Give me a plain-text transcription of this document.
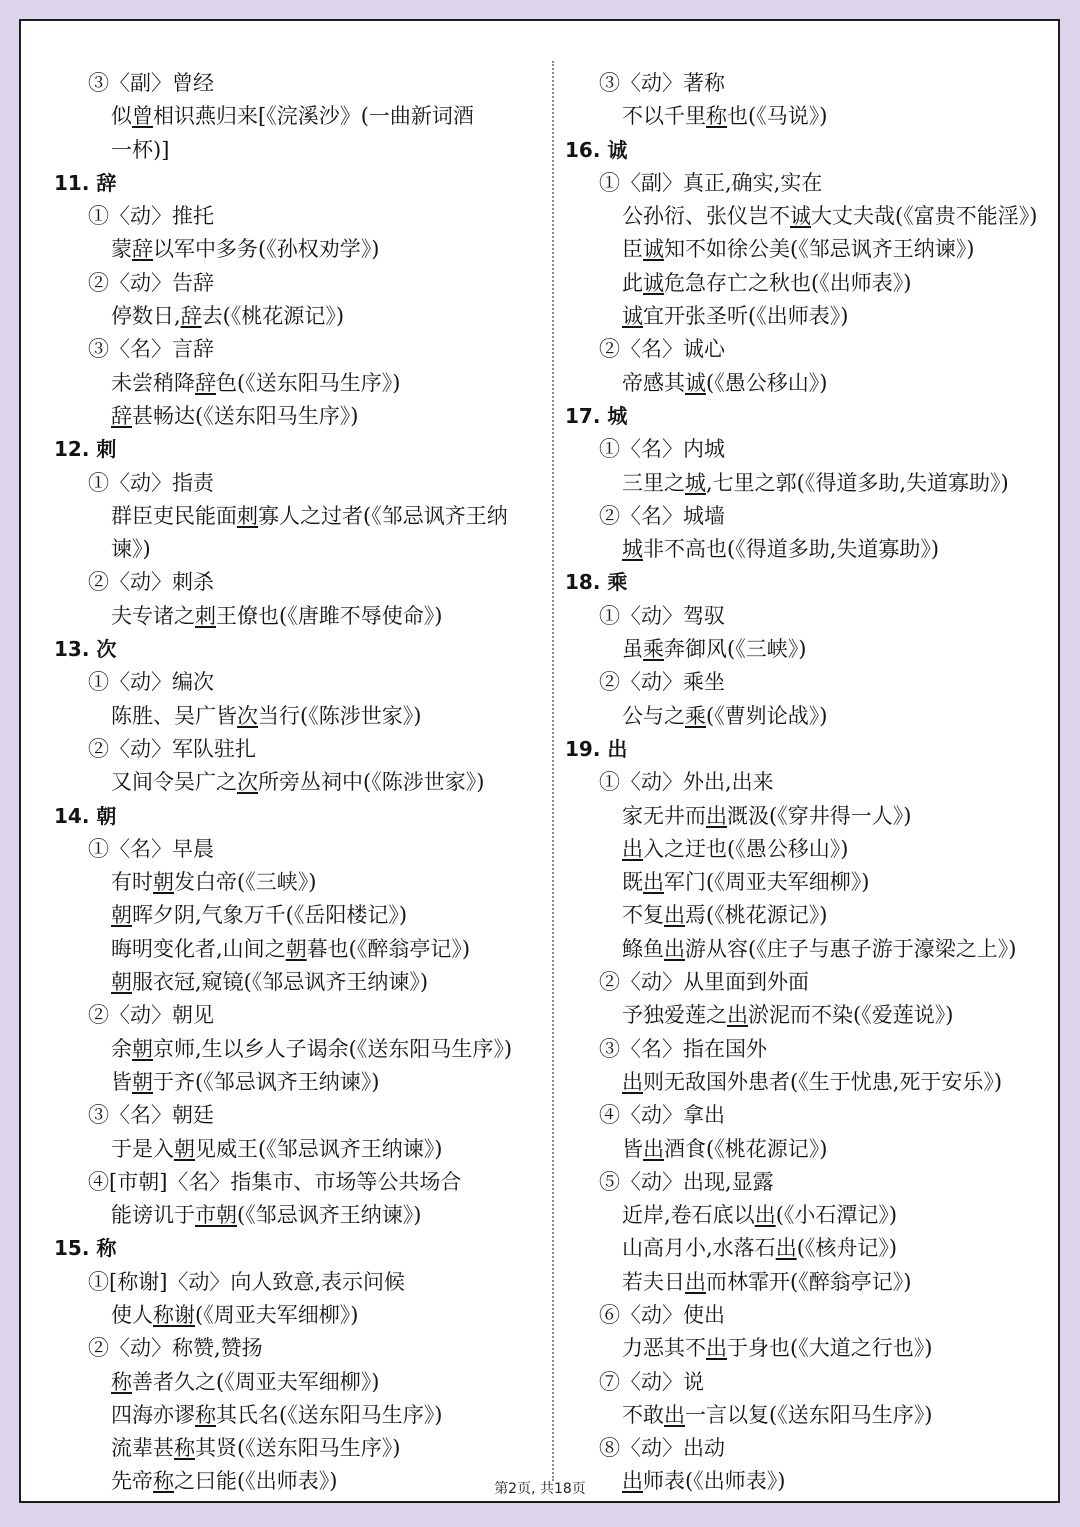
③〈副〉曾经
似曾相识燕归来[《浣溪沙》(一曲新词酒
一杯)]
11. 辞
①〈动〉推托
蒙辞以军中多务(《孙权劝学》)
②〈动〉告辞
停数日,辞去(《桃花源记》)
③〈名〉言辞
未尝稍降辞色(《送东阳马生序》)
辞甚畅达(《送东阳马生序》)
12. 刺
①〈动〉指责
群臣吏民能面刺寡人之过者(《邹忌讽齐王纳
谏》)
②〈动〉刺杀
夫专诸之刺王僚也(《唐雎不辱使命》)
13. 次
①〈动〉编次
陈胜、吴广皆次当行(《陈涉世家》)
②〈动〉军队驻扎
又间令吴广之次所旁丛祠中(《陈涉世家》)
14. 朝
①〈名〉早晨
有时朝发白帝(《三峡》)
朝晖夕阴,气象万千(《岳阳楼记》)
晦明变化者,山间之朝暮也(《醉翁亭记》)
朝服衣冠,窥镜(《邹忌讽齐王纳谏》)
②〈动〉朝见
余朝京师,生以乡人子谒余(《送东阳马生序》)
皆朝于齐(《邹忌讽齐王纳谏》)
③〈名〉朝廷
于是入朝见威王(《邹忌讽齐王纳谏》)
④[市朝]〈名〉指集市、市场等公共场合
能谤讥于市朝(《邹忌讽齐王纳谏》)
15. 称
①[称谢]〈动〉向人致意,表示问候
使人称谢(《周亚夫军细柳》)
②〈动〉称赞,赞扬
称善者久之(《周亚夫军细柳》)
四海亦谬称其氏名(《送东阳马生序》)
流辈甚称其贤(《送东阳马生序》)
先帝称之曰能(《出师表》)
③〈动〉著称
不以千里称也(《马说》)
16. 诚
①〈副〉真正,确实,实在
公孙衍、张仪岂不诚大丈夫哉(《富贵不能淫》)
臣诚知不如徐公美(《邹忌讽齐王纳谏》)
此诚危急存亡之秋也(《出师表》)
诚宜开张圣听(《出师表》)
②〈名〉诚心
帝感其诚(《愚公移山》)
17. 城
①〈名〉内城
三里之城,七里之郭(《得道多助,失道寡助》)
②〈名〉城墙
城非不高也(《得道多助,失道寡助》)
18. 乘
①〈动〉驾驭
虽乘奔御风(《三峡》)
②〈动〉乘坐
公与之乘(《曹刿论战》)
19. 出
①〈动〉外出,出来
家无井而出溉汲(《穿井得一人》)
出入之迂也(《愚公移山》)
既出军门(《周亚夫军细柳》)
不复出焉(《桃花源记》)
鲦鱼出游从容(《庄子与惠子游于濠梁之上》)
②〈动〉从里面到外面
予独爱莲之出淤泥而不染(《爱莲说》)
③〈名〉指在国外
出则无敌国外患者(《生于忧患,死于安乐》)
④〈动〉拿出
皆出酒食(《桃花源记》)
⑤〈动〉出现,显露
近岸,卷石底以出(《小石潭记》)
山高月小,水落石出(《核舟记》)
若夫日出而林霏开(《醉翁亭记》)
⑥〈动〉使出
力恶其不出于身也(《大道之行也》)
⑦〈动〉说
不敢出一言以复(《送东阳马生序》)
⑧〈动〉出动
出师表(《出师表》)
第2页, 共18页
